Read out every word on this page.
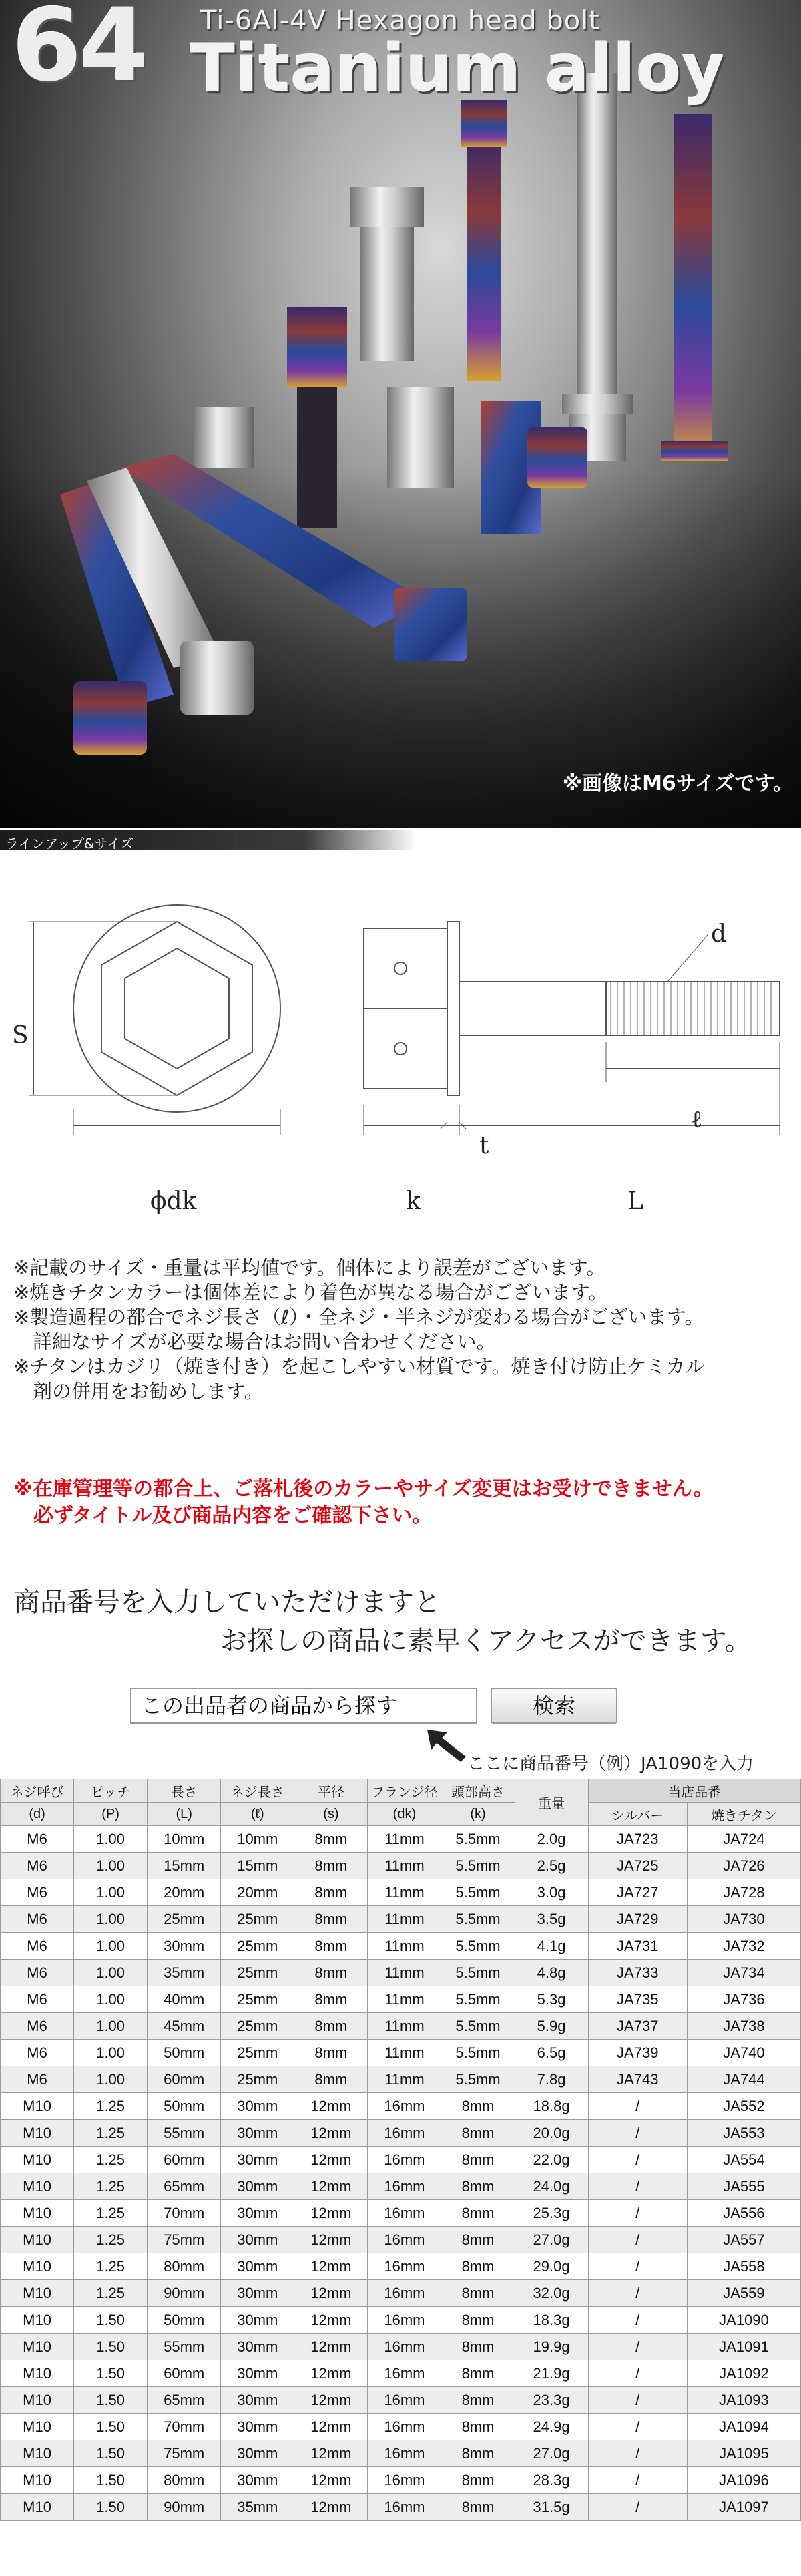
64 Ti-6Al-4V Hexagon head bolt
Titanium alloy
※画像はM6サイズです。
ラインアップ&サイズ
S
ϕdk	k	L
d
ℓ
t
※記載のサイズ・重量は平均値です。個体により誤差がございます。
※焼きチタンカラーは個体差により着色が異なる場合がございます。
※製造過程の都合でネジ長さ（ℓ）・全ネジ・半ネジが変わる場合がございます。
　詳細なサイズが必要な場合はお問い合わせください。
※チタンはカジリ（焼き付き）を起こしやすい材質です。焼き付け防止ケミカル
　剤の併用をお勧めします。
※在庫管理等の都合上、ご落札後のカラーやサイズ変更はお受けできません。
　必ずタイトル及び商品内容をご確認下さい。
商品番号を入力していただけますと
お探しの商品に素早くアクセスができます。
この出品者の商品から探す	検索
ここに商品番号（例）JA1090を入力
ネジ呼び	ピッチ	長さ	ネジ長さ	平径	フランジ径	頭部高さ	重量	当店品番	
(d)	(P)	(L)	(ℓ)	(s)	(dk)	(k)		シルバー	焼きチタン
M6	1.00	10mm	10mm	8mm	11mm	5.5mm	2.0g	JA723	JA724
M6	1.00	15mm	15mm	8mm	11mm	5.5mm	2.5g	JA725	JA726
M6	1.00	20mm	20mm	8mm	11mm	5.5mm	3.0g	JA727	JA728
M6	1.00	25mm	25mm	8mm	11mm	5.5mm	3.5g	JA729	JA730
M6	1.00	30mm	25mm	8mm	11mm	5.5mm	4.1g	JA731	JA732
M6	1.00	35mm	25mm	8mm	11mm	5.5mm	4.8g	JA733	JA734
M6	1.00	40mm	25mm	8mm	11mm	5.5mm	5.3g	JA735	JA736
M6	1.00	45mm	25mm	8mm	11mm	5.5mm	5.9g	JA737	JA738
M6	1.00	50mm	25mm	8mm	11mm	5.5mm	6.5g	JA739	JA740
M6	1.00	60mm	25mm	8mm	11mm	5.5mm	7.8g	JA743	JA744
M10	1.25	50mm	30mm	12mm	16mm	8mm	18.8g	/	JA552
M10	1.25	55mm	30mm	12mm	16mm	8mm	20.0g	/	JA553
M10	1.25	60mm	30mm	12mm	16mm	8mm	22.0g	/	JA554
M10	1.25	65mm	30mm	12mm	16mm	8mm	24.0g	/	JA555
M10	1.25	70mm	30mm	12mm	16mm	8mm	25.3g	/	JA556
M10	1.25	75mm	30mm	12mm	16mm	8mm	27.0g	/	JA557
M10	1.25	80mm	30mm	12mm	16mm	8mm	29.0g	/	JA558
M10	1.25	90mm	30mm	12mm	16mm	8mm	32.0g	/	JA559
M10	1.50	50mm	30mm	12mm	16mm	8mm	18.3g	/	JA1090
M10	1.50	55mm	30mm	12mm	16mm	8mm	19.9g	/	JA1091
M10	1.50	60mm	30mm	12mm	16mm	8mm	21.9g	/	JA1092
M10	1.50	65mm	30mm	12mm	16mm	8mm	23.3g	/	JA1093
M10	1.50	70mm	30mm	12mm	16mm	8mm	24.9g	/	JA1094
M10	1.50	75mm	30mm	12mm	16mm	8mm	27.0g	/	JA1095
M10	1.50	80mm	30mm	12mm	16mm	8mm	28.3g	/	JA1096
M10	1.50	90mm	35mm	12mm	16mm	8mm	31.5g	/	JA1097
